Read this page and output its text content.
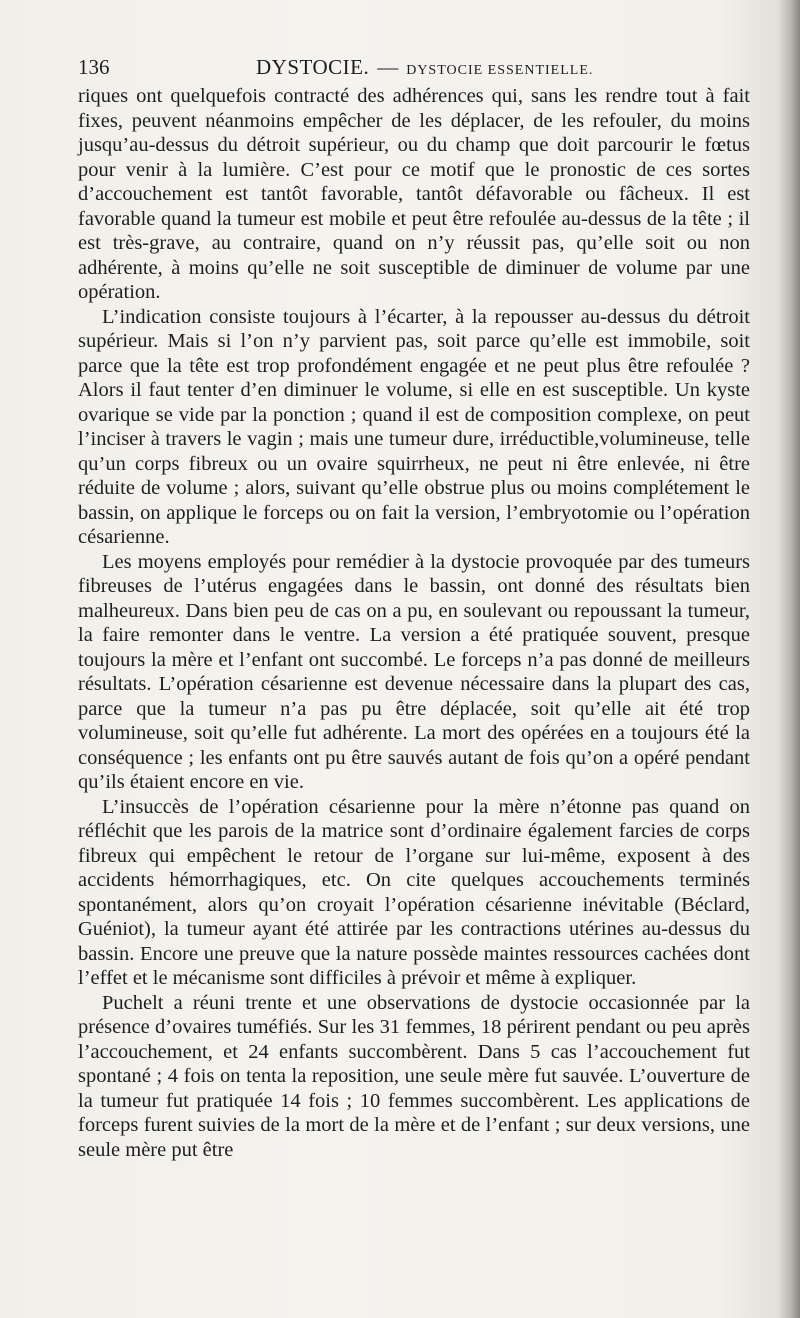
136	DYSTOCIE. — DYSTOCIE ESSENTIELLE.

riques ont quelquefois contracté des adhérences qui, sans les rendre tout à fait fixes, peuvent néanmoins empêcher de les déplacer, de les refouler, du moins jusqu’au-dessus du détroit supérieur, ou du champ que doit parcourir le fœtus pour venir à la lumière. C’est pour ce motif que le pronostic de ces sortes d’accouchement est tantôt favorable, tantôt défavorable ou fâcheux. Il est favorable quand la tumeur est mobile et peut être refoulée au-dessus de la tête ; il est très-grave, au contraire, quand on n’y réussit pas, qu’elle soit ou non adhérente, à moins qu’elle ne soit susceptible de diminuer de volume par une opération.

L’indication consiste toujours à l’écarter, à la repousser au-dessus du détroit supérieur. Mais si l’on n’y parvient pas, soit parce qu’elle est immobile, soit parce que la tête est trop profondément engagée et ne peut plus être refoulée ? Alors il faut tenter d’en diminuer le volume, si elle en est susceptible. Un kyste ovarique se vide par la ponction ; quand il est de composition complexe, on peut l’inciser à travers le vagin ; mais une tumeur dure, irréductible,volumineuse, telle qu’un corps fibreux ou un ovaire squirrheux, ne peut ni être enlevée, ni être réduite de volume ; alors, suivant qu’elle obstrue plus ou moins complétement le bassin, on applique le forceps ou on fait la version, l’embryotomie ou l’opération césarienne.

Les moyens employés pour remédier à la dystocie provoquée par des tumeurs fibreuses de l’utérus engagées dans le bassin, ont donné des résultats bien malheureux. Dans bien peu de cas on a pu, en soulevant ou repoussant la tumeur, la faire remonter dans le ventre. La version a été pratiquée souvent, presque toujours la mère et l’enfant ont succombé. Le forceps n’a pas donné de meilleurs résultats. L’opération césarienne est devenue nécessaire dans la plupart des cas, parce que la tumeur n’a pas pu être déplacée, soit qu’elle ait été trop volumineuse, soit qu’elle fut adhérente. La mort des opérées en a toujours été la conséquence ; les enfants ont pu être sauvés autant de fois qu’on a opéré pendant qu’ils étaient encore en vie.

L’insuccès de l’opération césarienne pour la mère n’étonne pas quand on réfléchit que les parois de la matrice sont d’ordinaire également farcies de corps fibreux qui empêchent le retour de l’organe sur lui-même, exposent à des accidents hémorrhagiques, etc. On cite quelques accouchements terminés spontanément, alors qu’on croyait l’opération césarienne inévitable (Béclard, Guéniot), la tumeur ayant été attirée par les contractions utérines au-dessus du bassin. Encore une preuve que la nature possède maintes ressources cachées dont l’effet et le mécanisme sont difficiles à prévoir et même à expliquer.

Puchelt a réuni trente et une observations de dystocie occasionnée par la présence d’ovaires tuméfiés. Sur les 31 femmes, 18 périrent pendant ou peu après l’accouchement, et 24 enfants succombèrent. Dans 5 cas l’accouchement fut spontané ; 4 fois on tenta la reposition, une seule mère fut sauvée. L’ouverture de la tumeur fut pratiquée 14 fois ; 10 femmes succombèrent. Les applications de forceps furent suivies de la mort de la mère et de l’enfant ; sur deux versions, une seule mère put être
